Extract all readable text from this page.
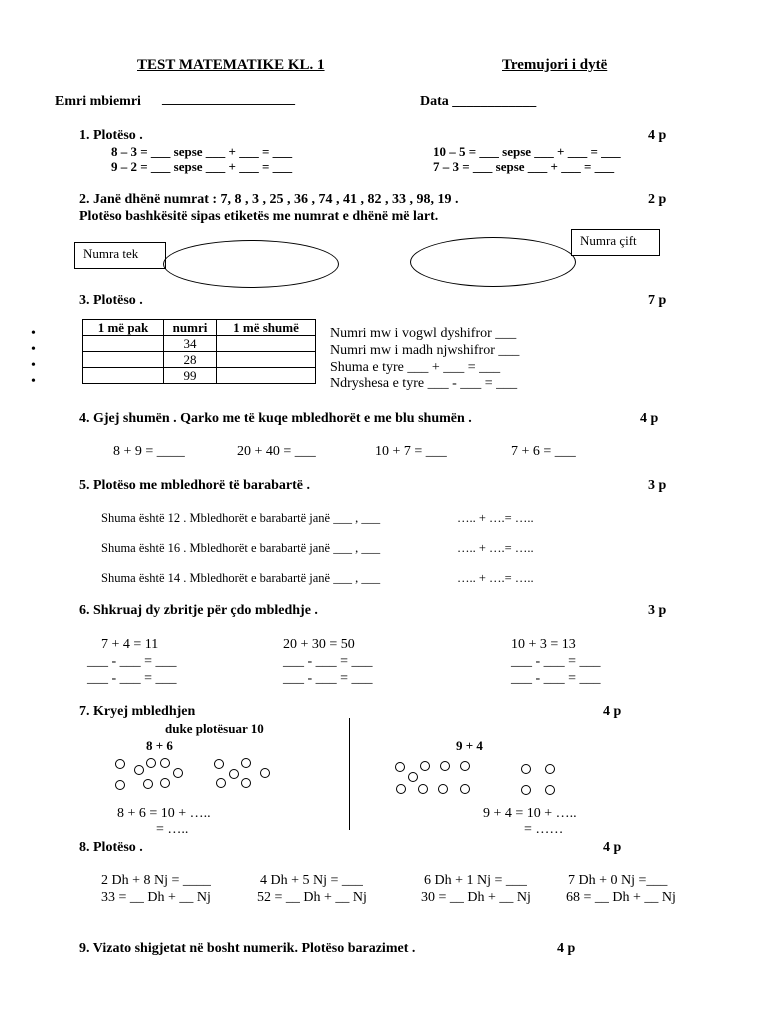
TEST MATEMATIKE KL. 1	Tremujori i dytë
Emri mbiemri ___________________	Data ____________
1. Plotëso .	4 p
8 – 3 = ___ sepse ___ + ___ = ___
9 – 2 = ___ sepse ___ + ___ = ___
10 – 5 = ___ sepse ___ + ___ = ___
7 – 3 = ___ sepse ___ + ___ = ___
2. Janë dhënë numrat : 7, 8 , 3 , 25 , 36 , 74 , 41 , 82 , 33 , 98, 19 .	2 p
Plotëso bashkësitë sipas etiketës me numrat e dhënë më lart.
Numra tek
Numra çift
3. Plotëso .	7 p
•
•
•
•
1 më pak	numri	1 më shumë
	34	
	28	
	99	
Numri mw i vogwl dyshifror ___
Numri mw i madh njwshifror ___
Shuma e tyre ___ + ___ = ___
Ndryshesa e tyre ___ - ___ = ___
4. Gjej shumën . Qarko me të kuqe mbledhorët e me blu shumën .	4 p
8 + 9 = ____	20 + 40 = ___	10 + 7 = ___	7 + 6 = ___
5. Plotëso me mbledhorë të barabartë .	3 p
Shuma është 12 . Mbledhorët e barabartë janë ___ , ___	….. + ….= …..
Shuma është 16 . Mbledhorët e barabartë janë ___ , ___	….. + ….= …..
Shuma është 14 . Mbledhorët e barabartë janë ___ , ___	….. + ….= …..
6. Shkruaj dy zbritje për çdo mbledhje .	3 p
7 + 4 = 11
___ - ___ = ___
___ - ___ = ___
20 + 30 = 50
___ - ___ = ___
___ - ___ = ___
10 + 3 = 13
___ - ___ = ___
___ - ___ = ___
7. Kryej mbledhjen	4 p
duke plotësuar 10
8 + 6	9 + 4
8 + 6 = 10 + …..
= …..
9 + 4 = 10 + …..
= ……
8. Plotëso .	4 p
2 Dh + 8 Nj = ____	4 Dh + 5 Nj = ___	6 Dh + 1 Nj = ___	7 Dh + 0 Nj =___
33 = __ Dh + __ Nj	52 = __ Dh + __ Nj	30 = __ Dh + __ Nj	68 = __ Dh + __ Nj
9. Vizato shigjetat në bosht numerik. Plotëso barazimet .	4 p
